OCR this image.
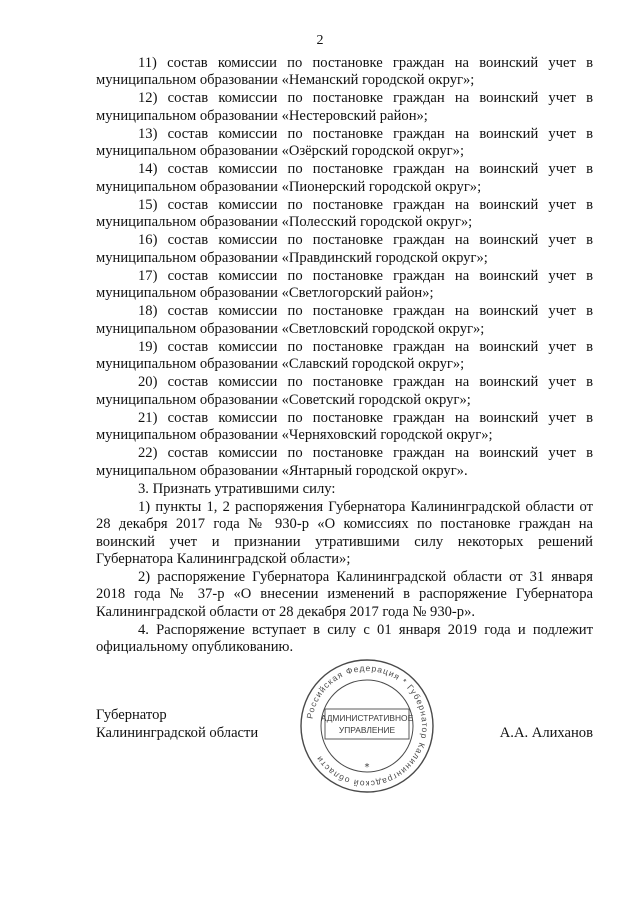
2

11) состав комиссии по постановке граждан на воинский учет в муниципальном образовании «Неманский городской округ»;

12) состав комиссии по постановке граждан на воинский учет в муниципальном образовании «Нестеровский район»;

13) состав комиссии по постановке граждан на воинский учет в муниципальном образовании «Озёрский городской округ»;

14) состав комиссии по постановке граждан на воинский учет в муниципальном образовании «Пионерский городской округ»;

15) состав комиссии по постановке граждан на воинский учет в муниципальном образовании «Полесский городской округ»;

16) состав комиссии по постановке граждан на воинский учет в муниципальном образовании «Правдинский городской округ»;

17) состав комиссии по постановке граждан на воинский учет в муниципальном образовании «Светлогорский район»;

18) состав комиссии по постановке граждан на воинский учет в муниципальном образовании «Светловский городской округ»;

19) состав комиссии по постановке граждан на воинский учет в муниципальном образовании «Славский городской округ»;

20) состав комиссии по постановке граждан на воинский учет в муниципальном образовании «Советский городской округ»;

21) состав комиссии по постановке граждан на воинский учет в муниципальном образовании «Черняховский городской округ»;

22) состав комиссии по постановке граждан на воинский учет в муниципальном образовании «Янтарный городской округ».

3. Признать утратившими силу:

1) пункты 1, 2 распоряжения Губернатора Калининградской области от 28 декабря 2017 года № 930-р «О комиссиях по постановке граждан на воинский учет и признании утратившими силу некоторых решений Губернатора Калининградской области»;

2) распоряжение Губернатора Калининградской области от 31 января 2018 года № 37-р «О внесении изменений в распоряжение Губернатора Калининградской области от 28 декабря 2017 года № 930-р».

4. Распоряжение вступает в силу с 01 января 2019 года и подлежит официальному опубликованию.

Российская Федерация * Губернатор Калининградской области
АДМИНИСТРАТИВНОЕ
УПРАВЛЕНИЕ
*
Губернатор
Калининградской области	А.А. Алиханов
